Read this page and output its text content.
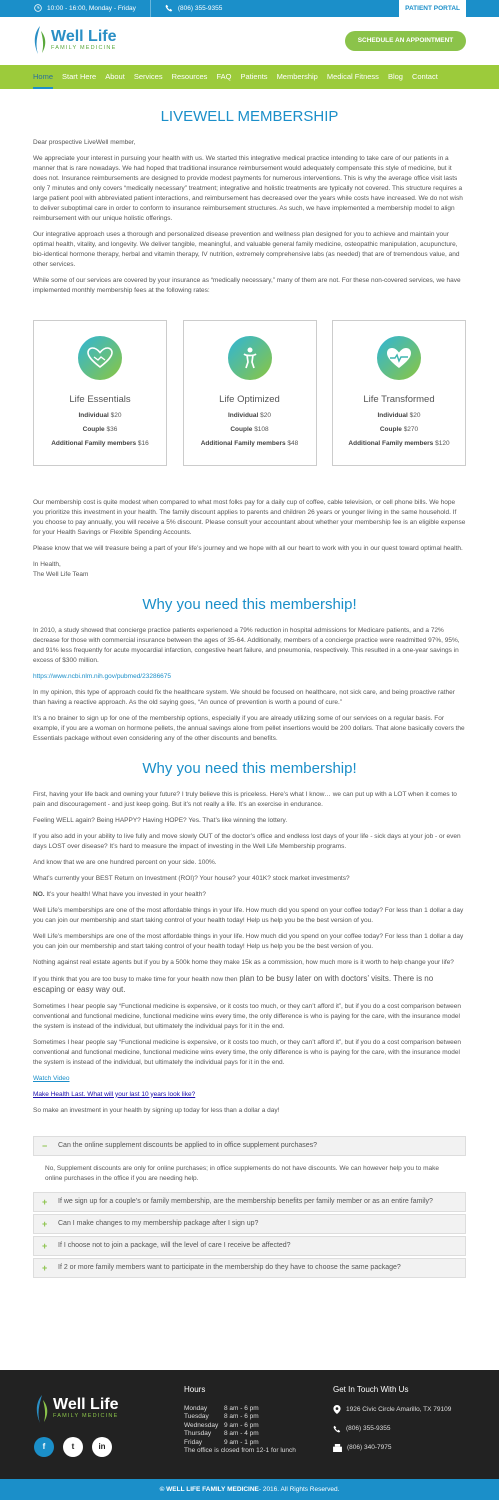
10:00 - 16:00, Monday - Friday	(806) 355-9355	PATIENT PORTAL
Well Life
FAMILY MEDICINE
SCHEDULE AN APPOINTMENT
Home Start Here About Services Resources FAQ Patients Membership Medical Fitness Blog Contact
LIVEWELL MEMBERSHIP

Dear prospective LiveWell member,

We appreciate your interest in pursuing your health with us. We started this integrative medical practice intending to take care of our patients in a manner that is rare nowadays. We had hoped that traditional insurance reimbursement would adequately compensate this style of medicine, but it does not. Insurance reimbursements are designed to provide modest payments for numerous interventions. This is why the average office visit lasts only 7 minutes and only covers “medically necessary” treatment; integrative and holistic treatments are typically not covered. This structure requires a large patient pool with abbreviated patient interactions, and reimbursement has decreased over the years while costs have increased. We do not wish to deliver suboptimal care in order to conform to insurance reimbursement structures. As such, we have implemented a membership model to align reimbursement with our unique holistic offerings.

Our integrative approach uses a thorough and personalized disease prevention and wellness plan designed for you to achieve and maintain your optimal health, vitality, and longevity. We deliver tangible, meaningful, and valuable general family medicine, osteopathic manipulation, acupuncture, bio-identical hormone therapy, herbal and vitamin therapy, IV nutrition, extremely comprehensive labs (as needed) that are of tremendous value, and other services.

While some of our services are covered by your insurance as “medically necessary,” many of them are not. For these non-covered services, we have implemented monthly membership fees at the following rates:

Life Essentials
Individual $20
Couple $36
Additional Family members $16
Life Optimized
Individual $20
Couple $108
Additional Family members $48
Life Transformed
Individual $20
Couple $270
Additional Family members $120

Our membership cost is quite modest when compared to what most folks pay for a daily cup of coffee, cable television, or cell phone bills. We hope you prioritize this investment in your health. The family discount applies to parents and children 26 years or younger living in the same household. If you choose to pay annually, you will receive a 5% discount. Please consult your accountant about whether your membership fee is an eligible expense for your Health Savings or Flexible Spending Accounts.

Please know that we will treasure being a part of your life’s journey and we hope with all our heart to work with you in our quest toward optimal health.

In Health,
The Well Life Team

Why you need this membership!

In 2010, a study showed that concierge practice patients experienced a 79% reduction in hospital admissions for Medicare patients, and a 72% decrease for those with commercial insurance between the ages of 35-64. Additionally, members of a concierge practice were readmitted 97%, 95%, and 91% less frequently for acute myocardial infarction, congestive heart failure, and pneumonia, respectively. This resulted in a one-year savings in excess of $300 million.

https://www.ncbi.nlm.nih.gov/pubmed/23286675

In my opinion, this type of approach could fix the healthcare system. We should be focused on healthcare, not sick care, and being proactive rather than having a reactive approach. As the old saying goes, “An ounce of prevention is worth a pound of cure.”

It’s a no brainer to sign up for one of the membership options, especially if you are already utilizing some of our services on a regular basis. For example, if you are a woman on hormone pellets, the annual savings alone from pellet insertions would be 200 dollars. That alone basically covers the Essentials package without even considering any of the other discounts and benefits.

Why you need this membership!

First, having your life back and owning your future? I truly believe this is priceless. Here’s what I know… we can put up with a LOT when it comes to pain and discouragement - and just keep going. But it’s not really a life. It’s an exercise in endurance.

Feeling WELL again? Being HAPPY? Having HOPE? Yes. That’s like winning the lottery.

If you also add in your ability to live fully and move slowly OUT of the doctor’s office and endless lost days of your life - sick days at your job - or even days LOST over disease? It’s hard to measure the impact of investing in the Well Life Membership programs.

And know that we are one hundred percent on your side. 100%.

What’s currently your BEST Return on Investment (ROI)? Your house? your 401K? stock market investments?

NO. It’s your health! What have you invested in your health?

Well Life’s memberships are one of the most affordable things in your life. How much did you spend on your coffee today? For less than 1 dollar a day you can join our membership and start taking control of your health today! Help us help you be the best version of you.

Well Life’s memberships are one of the most affordable things in your life. How much did you spend on your coffee today? For less than 1 dollar a day you can join our membership and start taking control of your health today! Help us help you be the best version of you.

Nothing against real estate agents but if you by a 500k home they make 15k as a commission, how much more is it worth to help change your life?

If you think that you are too busy to make time for your health now then plan to be busy later on with doctors’ visits. There is no escaping or easy way out.

Sometimes I hear people say “Functional medicine is expensive, or it costs too much, or they can’t afford it”, but if you do a cost comparison between conventional and functional medicine, functional medicine wins every time, the only difference is who is paying for the care, with the insurance model the system is instead of the individual, but ultimately the individual pays for it in the end.

Sometimes I hear people say “Functional medicine is expensive, or it costs too much, or they can’t afford it”, but if you do a cost comparison between conventional and functional medicine, functional medicine wins every time, the only difference is who is paying for the care, with the insurance model the system is instead of the individual, but ultimately the individual pays for it in the end.

Watch Video

Make Health Last. What will your last 10 years look like?

So make an investment in your health by signing up today for less than a dollar a day!

− Can the online supplement discounts be applied to in office supplement purchases?
No, Supplement discounts are only for online purchases; in office supplements do not have discounts. We can however help you to make online purchases in the office if you are needing help.
+ If we sign up for a couple’s or family membership, are the membership benefits per family member or as an entire family?
+ Can I make changes to my membership package after I sign up?
+ If I choose not to join a package, will the level of care I receive be affected?
+ If 2 or more family members want to participate in the membership do they have to choose the same package?
Well Life
FAMILY MEDICINE
f	t	in
Hours
Monday	8 am - 6 pm
Tuesday	8 am - 6 pm
Wednesday 9 am - 6 pm
Thursday	8 am - 4 pm
Friday	9 am - 1 pm
The office is closed from 12-1 for lunch
Get In Touch With Us
1926 Civic Circle Amarillo, TX 79109
(806) 355-9355
(806) 340-7975
© WELL LIFE FAMILY MEDICINE - 2016. All Rights Reserved.
